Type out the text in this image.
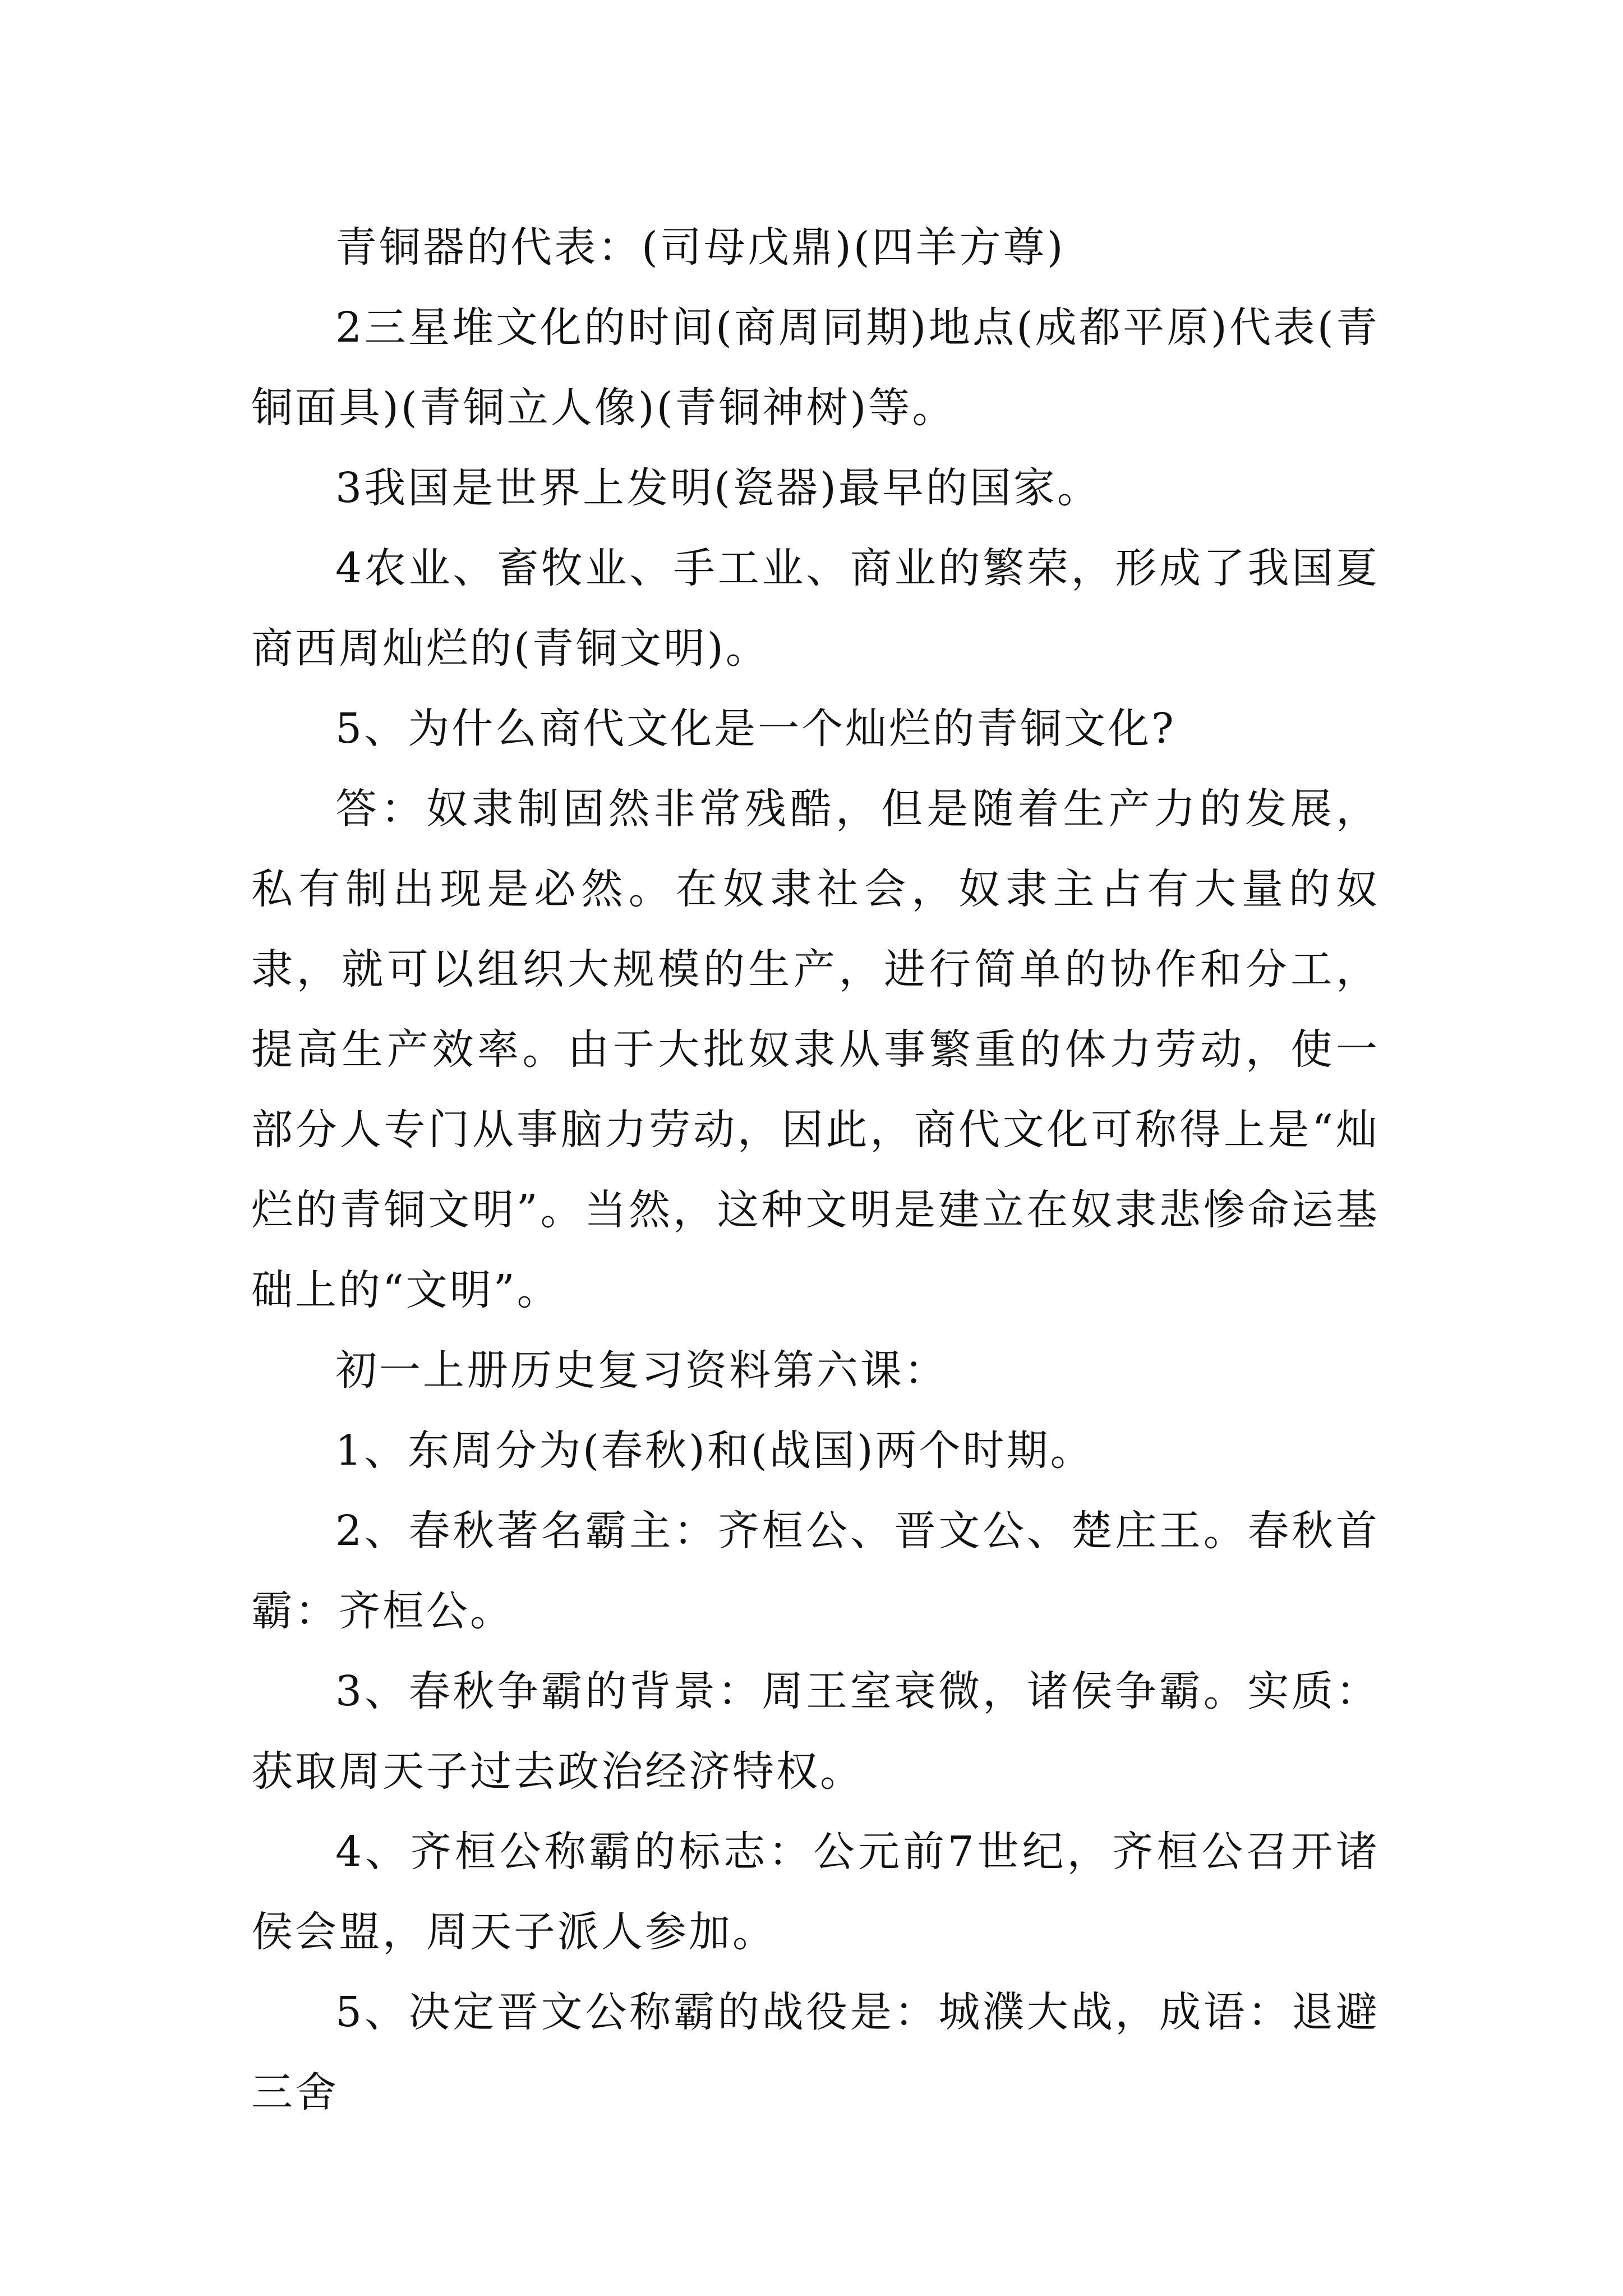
青铜器的代表：(司母戊鼎)(四羊方尊)

2三星堆文化的时间(商周同期)地点(成都平原)代表(青铜面具)(青铜立人像)(青铜神树)等。

3我国是世界上发明(瓷器)最早的国家。

4农业、畜牧业、手工业、商业的繁荣，形成了我国夏商西周灿烂的(青铜文明)。

5、为什么商代文化是一个灿烂的青铜文化?

答：奴隶制固然非常残酷，但是随着生产力的发展，私有制出现是必然。在奴隶社会，奴隶主占有大量的奴隶，就可以组织大规模的生产，进行简单的协作和分工，提高生产效率。由于大批奴隶从事繁重的体力劳动，使一部分人专门从事脑力劳动，因此，商代文化可称得上是“灿烂的青铜文明”。当然，这种文明是建立在奴隶悲惨命运基础上的“文明”。

初一上册历史复习资料第六课：

1、东周分为(春秋)和(战国)两个时期。

2、春秋著名霸主：齐桓公、晋文公、楚庄王。春秋首霸：齐桓公。

3、春秋争霸的背景：周王室衰微，诸侯争霸。实质：获取周天子过去政治经济特权。

4、齐桓公称霸的标志：公元前7世纪，齐桓公召开诸侯会盟，周天子派人参加。

5、决定晋文公称霸的战役是：城濮大战，成语：退避三舍
